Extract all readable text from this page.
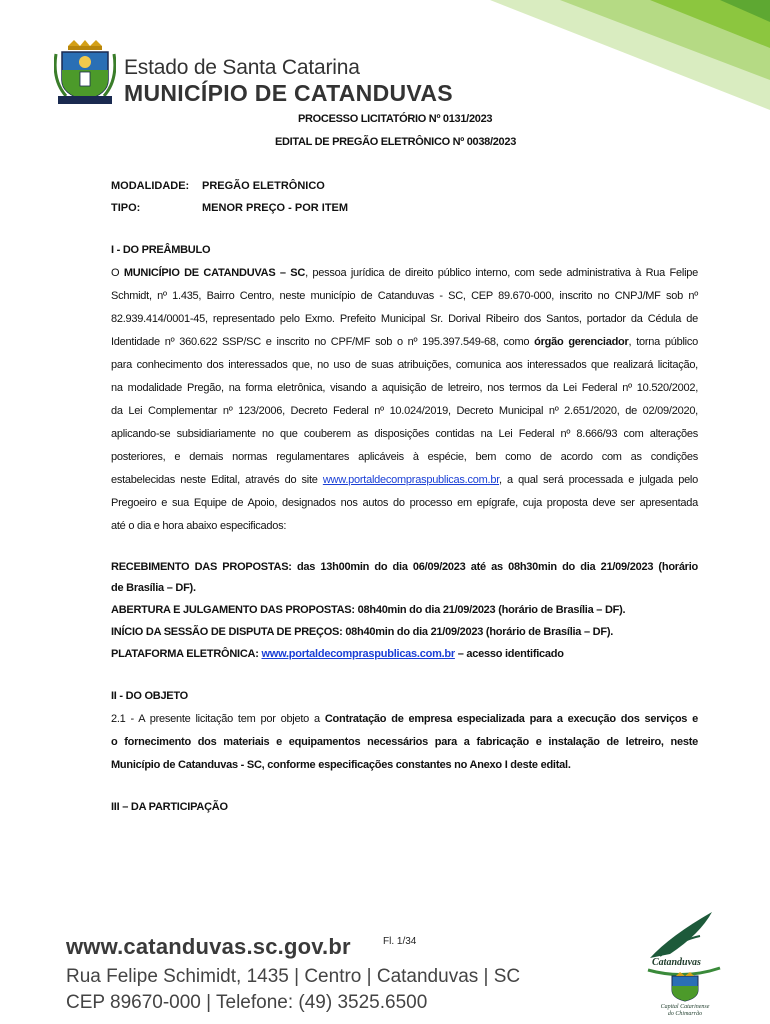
Estado de Santa Catarina
MUNICÍPIO DE CATANDUVAS
PROCESSO LICITATÓRIO Nº 0131/2023
EDITAL DE PREGÃO ELETRÔNICO Nº 0038/2023
MODALIDADE: PREGÃO ELETRÔNICO
TIPO:	MENOR PREÇO - POR ITEM
I - DO PREÂMBULO
O MUNICÍPIO DE CATANDUVAS – SC, pessoa jurídica de direito público interno, com sede administrativa à Rua Felipe
Schmidt, nº 1.435, Bairro Centro, neste município de Catanduvas - SC, CEP 89.670-000, inscrito no CNPJ/MF sob nº
82.939.414/0001-45, representado pelo Exmo. Prefeito Municipal Sr. Dorival Ribeiro dos Santos, portador da Cédula de
Identidade nº 360.622 SSP/SC e inscrito no CPF/MF sob o nº 195.397.549-68, como órgão gerenciador, torna público
para conhecimento dos interessados que, no uso de suas atribuições, comunica aos interessados que realizará licitação,
na modalidade Pregão, na forma eletrônica, visando a aquisição de letreiro, nos termos da Lei Federal nº 10.520/2002,
da Lei Complementar nº 123/2006, Decreto Federal nº 10.024/2019, Decreto Municipal nº 2.651/2020, de 02/09/2020,
aplicando-se subsidiariamente no que couberem as disposições contidas na Lei Federal nº 8.666/93 com alterações
posteriores, e demais normas regulamentares aplicáveis à espécie, bem como de acordo com as condições
estabelecidas neste Edital, através do site www.portaldecompraspublicas.com.br, a qual será processada e julgada pelo
Pregoeiro e sua Equipe de Apoio, designados nos autos do processo em epígrafe, cuja proposta deve ser apresentada
até o dia e hora abaixo especificados:
RECEBIMENTO DAS PROPOSTAS: das 13h00min do dia 06/09/2023 até as 08h30min do dia 21/09/2023 (horário
de Brasília – DF).
ABERTURA E JULGAMENTO DAS PROPOSTAS: 08h40min do dia 21/09/2023 (horário de Brasília – DF).
INÍCIO DA SESSÃO DE DISPUTA DE PREÇOS: 08h40min do dia 21/09/2023 (horário de Brasília – DF).
PLATAFORMA ELETRÔNICA: www.portaldecompraspublicas.com.br – acesso identificado
II - DO OBJETO
2.1 - A presente licitação tem por objeto a Contratação de empresa especializada para a execução dos serviços e
o fornecimento dos materiais e equipamentos necessários para a fabricação e instalação de letreiro, neste
Município de Catanduvas - SC, conforme especificações constantes no Anexo I deste edital.
III – DA PARTICIPAÇÃO
Fl. 1/34
www.catanduvas.sc.gov.br
Rua Felipe Schimidt, 1435 | Centro | Catanduvas | SC
CEP 89670-000 | Telefone: (49) 3525.6500
Catanduvas
Capital Catarinense
do Chimarrão
